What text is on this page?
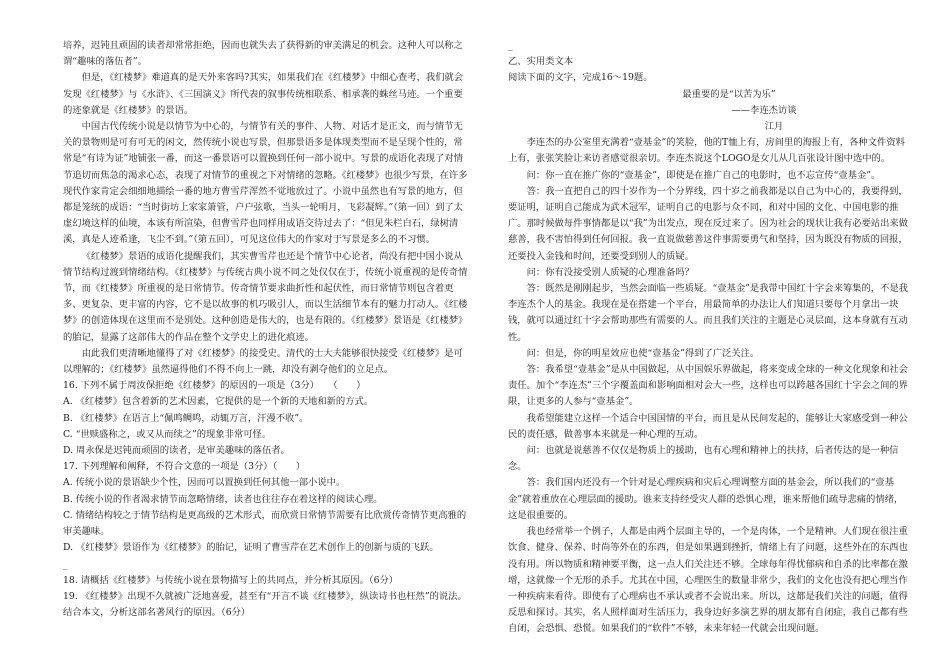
培养，迟钝且顽固的读者却常常拒绝，因而也就失去了获得新的审美满足的机会。这种人可以称之谓“趣味的落伍者”。

但是，《红楼梦》难道真的是天外来客吗?其实，如果我们在《红楼梦》中细心查考，我们就会发现《红楼梦》与《水浒》、《三国演义》所代表的叙事传统相联系、相承袭的蛛丝马迹。一个重要的迹象就是《红楼梦》的景语。

中国古代传统小说是以情节为中心的，与情节有关的事件、人物、对话才是正文，而与情节无关的景物则是可有可无的闲文，然传统小说也写景，但那景语多是体现类型而不是呈现个性的，常常是“有诗为证”地铺张一番，而这一番景语可以置换到任何一部小说中。写景的成语化表现了对情节追切而焦急的渴求心态，表现了对情节的重视之下对情绪的忽略。《红楼梦》也很少写景，在许多现代作家肯定会细细地描绘一番的地方曹雪芹浑然不觉地放过了。小说中虽然也有写景的地方，但都是笼统的成语：“当时街坊上家家箫管，户户弦歌，当头一轮明月，飞彩凝辉。”（第一回）到了太虚幻境这样的仙境，本该有所渲染，但曹雪芹也同样用成语交待过去了：“但见朱栏白石，绿树清溪，真是人迹希逢，飞尘不到。”（第五回），可见这位伟大的作家对于写景是多么的不习惯。

《红楼梦》景语的成语化提醒我们，其实曹雪芹也还是个情节中心论者，尚没有把中国小说从情节结构过渡到情绪结构。《红楼梦》与传统古典小说不同之处仅仅在于，传统小说重视的是传奇情节，而《红楼梦》所重视的是日常情节。传奇情节要求曲折性和起伏性，而日常情节则包含着更多、更复杂、更丰富的内容，它不是以故事的机巧吸引人，而以生活细节本有的魅力打动人。《红楼梦》的创造体现在这里而不是别处。这种创造是伟大的，也是有限的。《红楼梦》景语是《红楼梦》的胎记，显露了这部伟大的作品在整个文学史上的进化痕迹。

由此我们更清晰地懂得了对《红楼梦》的接受史。清代的士大夫能够很快接受《红楼梦》是可以理解的；《红楼梦》虽然逼得他们不得不向上一跳，却没有剥夺他们的立足点。

16. 下列不属于周汝保拒绝《红楼梦》的原因的一项是（3分）　　（　　）

A. 《红楼梦》包含着新的艺术因素，它提供的是一个新的天地和新的方式。

B. 《红楼梦》在语言上“佩鸣鲷鸣，动辄万言，汗漫不收”。

C. “世赎盛称之，或又从而续之”的现象非常可怪。

D. 周永保是迟钝而顽固的读者，是审美趣味的落伍者。

17. 下列理解和阐释，不符合文意的一项是（3分）（　　）

A. 传统小说的景语缺少个性，因而可以置换到任何其他一部小说中。

B. 传统小说的作者渴求情节而忽略情绪，读者也往往存在着这样的阅读心理。

C. 情绪结构较之于情节结构是更高级的艺术形式，而欣赏日常情节需要有比欣赏传奇情节更高雅的审美趣味。

D. 《红楼梦》景语作为《红楼梦》的胎记，证明了曹雪芹在艺术创作上的创新与质的飞跃。

_

18. 请概括《红楼梦》与传统小说在景物描写上的共同点，并分析其原因。（6分）

19. 《红楼梦》出现不久就被广泛地喜爱，甚至有“开言不谈《红楼梦》，纵读诗书也枉然”的说法。结合本文，分析这部名著风行的原因。（6分）

_

乙、实用类文本

阅读下面的文字，完成16～19题。

最重要的是“以苦为乐”

——李连杰访谈

江月

李连杰的办公室里充满着“壹基金”的笑脸，他的T恤上有，房间里的海报上有，各种文件资料上有，张张笑脸让来访者感觉很亲切。李连杰说这个LOGO是女儿从几百张设计图中选中的。

问：你一直在推广你的“壹基金”，即使是在推广自己的电影时，也不忘宣传“壹基金”。

答：我一直把自己的四十岁作为一个分界线，四十岁之前我都是以自己为中心的，我要得到，要证明，证明自己能成为武术冠军，证明自己的电影与众不同，和对中国的文化、中国电影的推广。那时候做每件事情都是以“我”为出发点，现在反过来了。因为社会的现状让我有必要站出来做慈善，我不害怕得到任何回报。我一直说做慈善这件事需要勇气和坚持，因为既没有物质的回报，还要投入金钱和时间，还要受到别人的质疑。

问：你有没接受别人质疑的心理准备吗？

答：既然是刚刚起步，当然会面临一些质疑。“壹基金”是我带中国红十字会来筹集的，不是我李连杰个人的基金。我现在是在搭建一个平台，用最简单的办法让人们知道只要每个月拿出一块钱，就可以通过红十字会帮助那些有需要的人。而且我们关注的主题是心灵层面，这本身就有互动性。

问：但是，你的明星效应也使“壹基金”得到了广泛关注。

答：我希望“壹基金”是从中国做起，从中国娱乐界做起，将来变成全球的一种文化现象和社会责任。加个“李连杰”三个字覆盖面和影响面相对会大一些，这样也可以跨越各国红十字会之间的界限，让更多的人参与“壹基金”。

我希望能建立这样一个适合中国国情的平台，而且是从民间发起的，能够让大家感受到一种公民的责任感，做善事本来就是一种心理的互动。

问：也就是说慈善不仅仅是物质上的援助，也有心理和精神上的扶持，后者传达的是一种信念。

答：我们国内还没有一个针对是心理疾病和灾后心理调整方面的基金会，所以我们的“壹基金”就着重放在心理层面的援助。谁来支持经受灾人群的恐惧心理，谁来帮他们疏导悲痛的情绪，这是很重要的。

我也经常举一个例子，人都是由两个层面主导的，一个是肉体，一个是精神。人们现在很注重饮食、健身、保养、时尚等外在的东西，但是如果遇到挫折，情绪上有了问题，这些外在的东西也没有用。所以物质和精神要平衡，这一点人们关注还不够。全球每年得忧郁病和自杀的比率都在激增，这就像一个无形的杀手。尤其在中国，心理医生的数量非常少，我们的文化也没有把心理当作一种疾病来看待。即使有了心理病也不承认或者不会说出来。所以，这都是我们关注的问题，值得反思和探讨。其实，名人照样面对生活压力，我身边好多演艺界的朋友都有自闭症，我自己都有些自闭，会恐惧、恐慌。如果我们的“软件”不够，未来年轻一代就会出现问题。
